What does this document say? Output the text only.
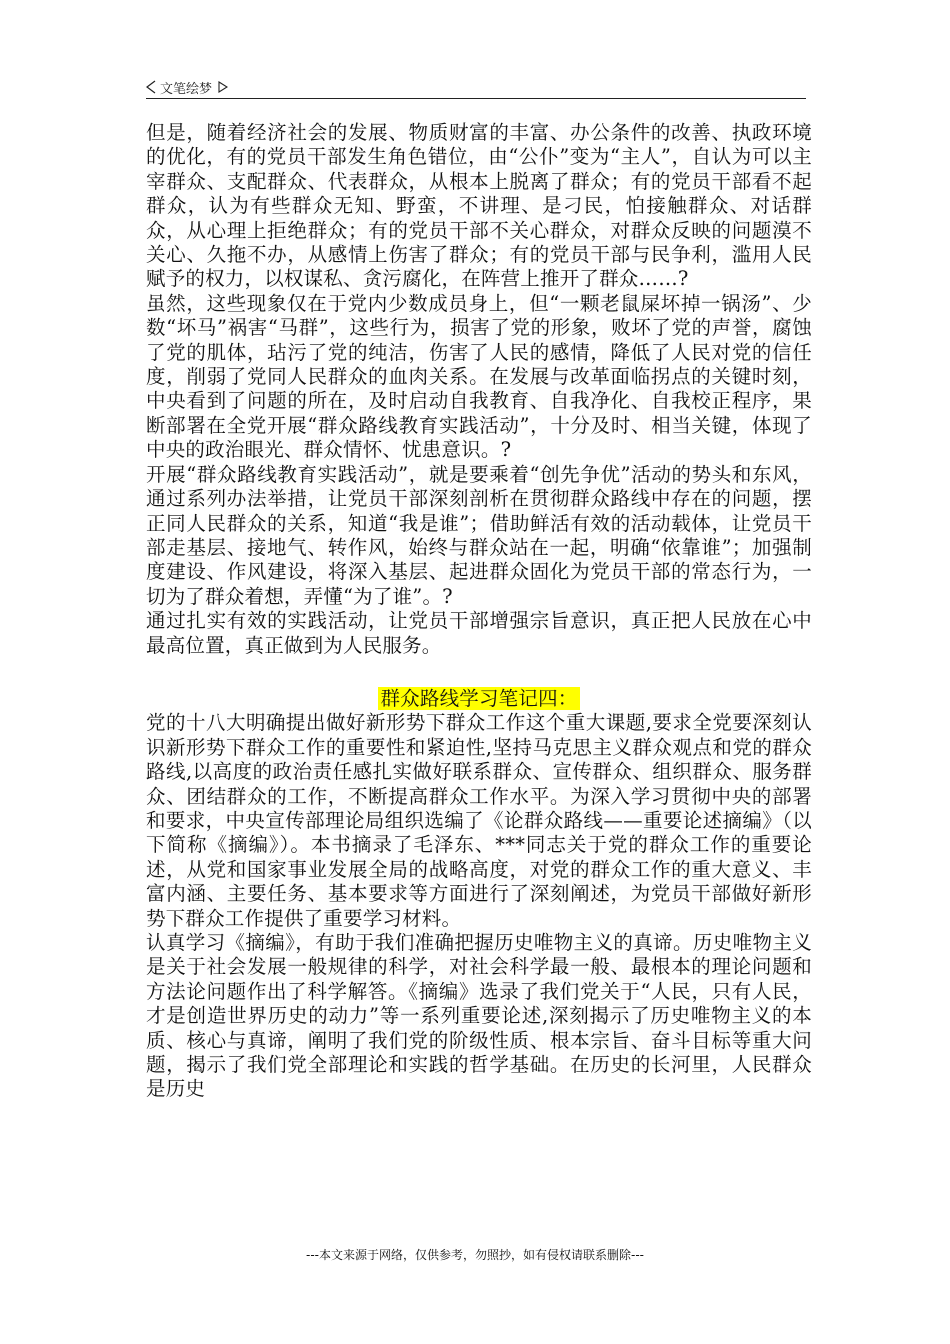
文笔绘梦

但是，随着经济社会的发展、物质财富的丰富、办公条件的改善、执政环境的优化，有的党员干部发生角色错位，由“公仆”变为“主人”，自认为可以主宰群众、支配群众、代表群众，从根本上脱离了群众；有的党员干部看不起群众，认为有些群众无知、野蛮，不讲理、是刁民，怕接触群众、对话群众，从心理上拒绝群众；有的党员干部不关心群众，对群众反映的问题漠不关心、久拖不办，从感情上伤害了群众；有的党员干部与民争利，滥用人民赋予的权力，以权谋私、贪污腐化，在阵营上推开了群众……?

虽然，这些现象仅在于党内少数成员身上，但“一颗老鼠屎坏掉一锅汤”、少数“坏马”祸害“马群”，这些行为，损害了党的形象，败坏了党的声誉，腐蚀了党的肌体，玷污了党的纯洁，伤害了人民的感情，降低了人民对党的信任度，削弱了党同人民群众的血肉关系。在发展与改革面临拐点的关键时刻，中央看到了问题的所在，及时启动自我教育、自我净化、自我校正程序，果断部署在全党开展“群众路线教育实践活动”，十分及时、相当关键，体现了中央的政治眼光、群众情怀、忧患意识。?

开展“群众路线教育实践活动”，就是要乘着“创先争优”活动的势头和东风，通过系列办法举措，让党员干部深刻剖析在贯彻群众路线中存在的问题，摆正同人民群众的关系，知道“我是谁”；借助鲜活有效的活动载体，让党员干部走基层、接地气、转作风，始终与群众站在一起，明确“依靠谁”；加强制度建设、作风建设，将深入基层、起进群众固化为党员干部的常态行为，一切为了群众着想，弄懂“为了谁”。?

通过扎实有效的实践活动，让党员干部增强宗旨意识，真正把人民放在心中最高位置，真正做到为人民服务。

群众路线学习笔记四：

党的十八大明确提出做好新形势下群众工作这个重大课题,要求全党要深刻认识新形势下群众工作的重要性和紧迫性,坚持马克思主义群众观点和党的群众路线,以高度的政治责任感扎实做好联系群众、宣传群众、组织群众、服务群众、团结群众的工作，不断提高群众工作水平。为深入学习贯彻中央的部署和要求，中央宣传部理论局组织选编了《论群众路线——重要论述摘编》（以下简称《摘编》）。本书摘录了毛泽东、***同志关于党的群众工作的重要论述，从党和国家事业发展全局的战略高度，对党的群众工作的重大意义、丰富内涵、主要任务、基本要求等方面进行了深刻阐述，为党员干部做好新形势下群众工作提供了重要学习材料。

认真学习《摘编》，有助于我们准确把握历史唯物主义的真谛。历史唯物主义是关于社会发展一般规律的科学，对社会科学最一般、最根本的理论问题和方法论问题作出了科学解答。《摘编》选录了我们党关于“人民，只有人民，才是创造世界历史的动力”等一系列重要论述,深刻揭示了历史唯物主义的本质、核心与真谛，阐明了我们党的阶级性质、根本宗旨、奋斗目标等重大问题，揭示了我们党全部理论和实践的哲学基础。在历史的长河里，人民群众是历史

---本文来源于网络，仅供参考，勿照抄，如有侵权请联系删除---
